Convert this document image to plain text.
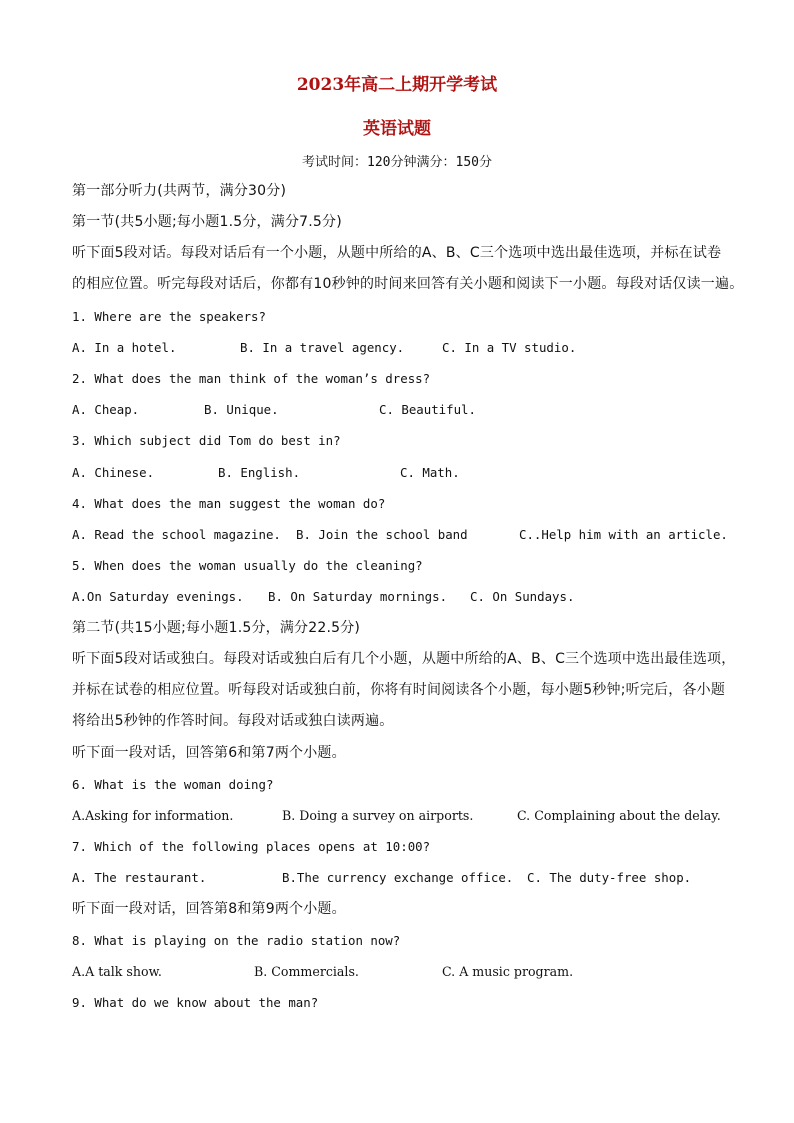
2023年高二上期开学考试
英语试题
考试时间：120分钟满分：150分
第一部分听力(共两节，满分30分)
第一节(共5小题;每小题1.5分，满分7.5分)
听下面5段对话。每段对话后有一个小题，从题中所给的A、B、C三个选项中选出最佳选项，并标在试卷
的相应位置。听完每段对话后，你都有10秒钟的时间来回答有关小题和阅读下一小题。每段对话仅读一遍。
1. Where are the speakers?
A. In a hotel.	B. In a travel agency.	C. In a TV studio.
2. What does the man think of the woman’s dress?
A. Cheap.	B. Unique.	C. Beautiful.
3. Which subject did Tom do best in?
A. Chinese.	B. English.	C. Math.
4. What does the man suggest the woman do?
A. Read the school magazine. B. Join the school band	C..Help him with an article.
5. When does the woman usually do the cleaning?
A.On Saturday evenings. B. On Saturday mornings. C. On Sundays.
第二节(共15小题;每小题1.5分，满分22.5分)
听下面5段对话或独白。每段对话或独白后有几个小题，从题中所给的A、B、C三个选项中选出最佳选项，
并标在试卷的相应位置。听每段对话或独白前，你将有时间阅读各个小题，每小题5秒钟;听完后，各小题
将给出5秒钟的作答时间。每段对话或独白读两遍。
听下面一段对话，回答第6和第7两个小题。
6. What is the woman doing?
A.Asking for information.	B. Doing a survey on airports.	C. Complaining about the delay.
7. Which of the following places opens at 10:00?
A. The restaurant.	B.The currency exchange office. C. The duty-free shop.
听下面一段对话，回答第8和第9两个小题。
8. What is playing on the radio station now?
A.A talk show.	B. Commercials.	C. A music program.
9. What do we know about the man?
